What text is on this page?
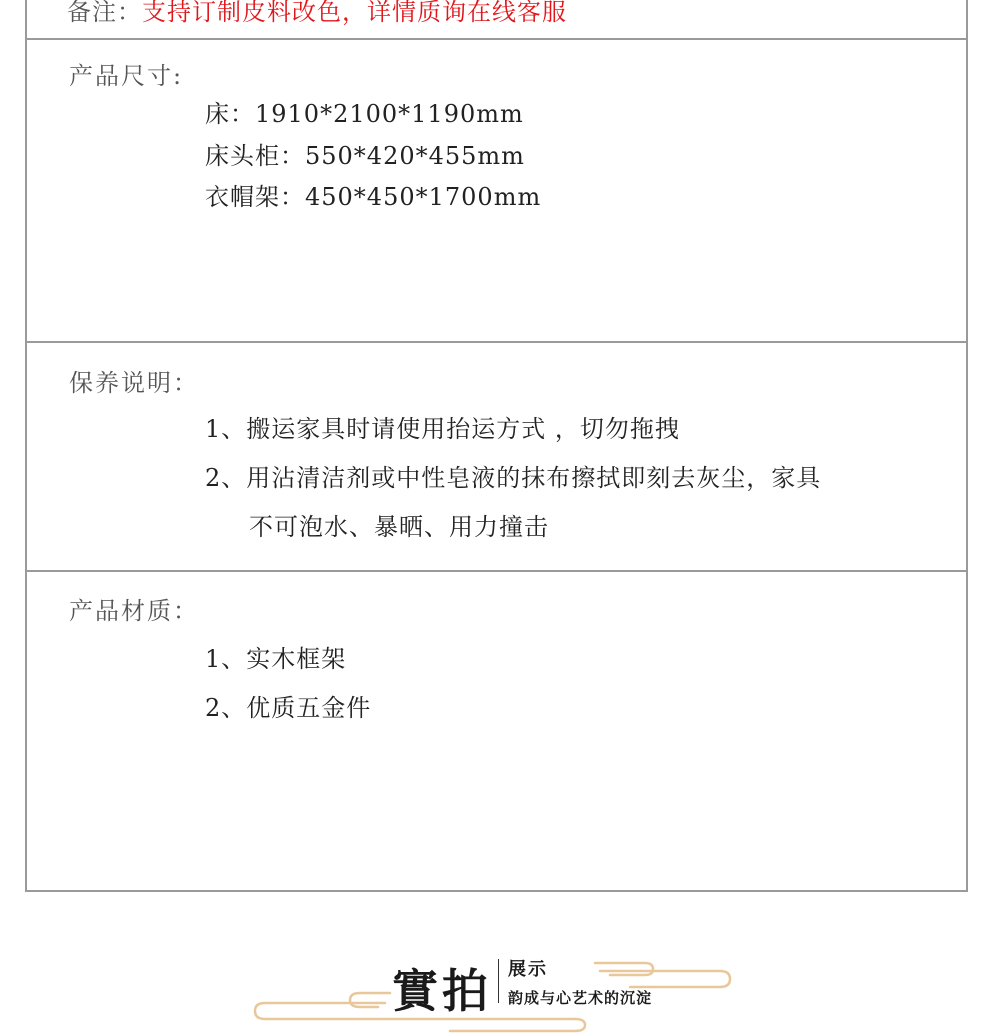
备注：支持订制皮料改色，详情质询在线客服
产品尺寸:
床：1910*2100*1190mm
床头柜：550*420*455mm
衣帽架：450*450*1700mm
保养说明：
1、搬运家具时请使用抬运方式 ，切勿拖拽
2、用沾清洁剂或中性皂液的抹布擦拭即刻去灰尘，家具
不可泡水、暴晒、用力撞击
产品材质：
1、实木框架
2、优质五金件
實拍 展示
韵成与心艺术的沉淀
